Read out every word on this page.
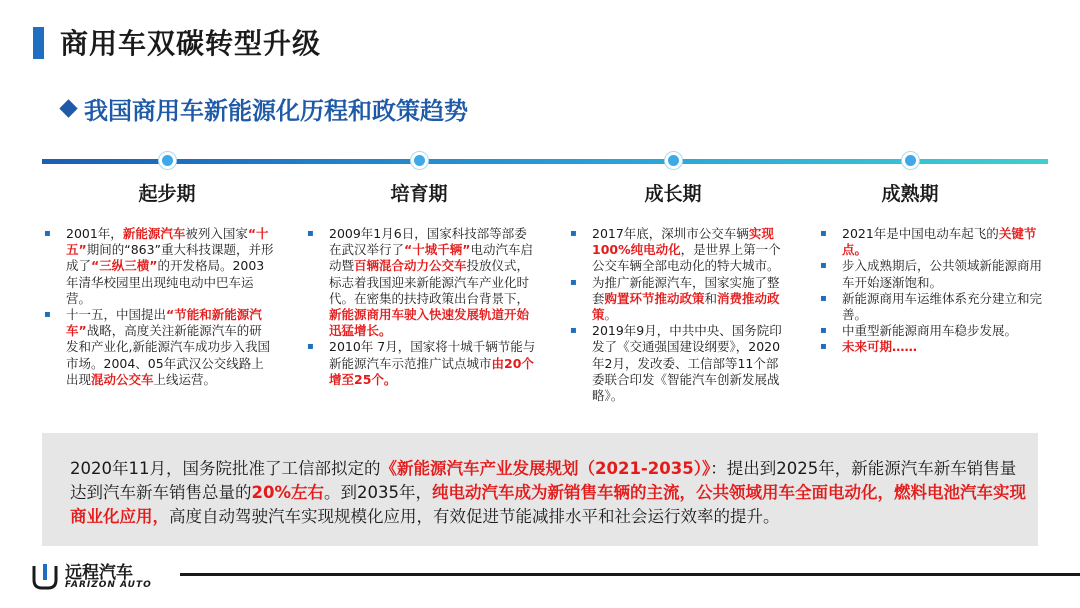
商用车双碳转型升级
我国商用车新能源化历程和政策趋势
起步期	培育期	成长期	成熟期
▪ 2001年，新能源汽车被列入国家“十五”期间的“863”重大科技课题，并形成了“三纵三横”的开发格局。2003年清华校园里出现纯电动中巴车运营。
▪ 十一五，中国提出“节能和新能源汽车”战略，高度关注新能源汽车的研发和产业化,新能源汽车成功步入我国市场。2004、05年武汉公交线路上出现混动公交车上线运营。
▪ 2009年1月6日，国家科技部等部委在武汉举行了“十城千辆”电动汽车启动暨百辆混合动力公交车投放仪式，标志着我国迎来新能源汽车产业化时代。在密集的扶持政策出台背景下，新能源商用车驶入快速发展轨道开始迅猛增长。
▪ 2010年 7月，国家将十城千辆节能与新能源汽车示范推广试点城市由20个增至25个。
▪ 2017年底，深圳市公交车辆实现100%纯电动化，是世界上第一个公交车辆全部电动化的特大城市。
▪ 为推广新能源汽车，国家实施了整套购置环节推动政策和消费推动政策。
▪ 2019年9月，中共中央、国务院印发了《交通强国建设纲要》，2020年2月，发改委、工信部等11个部委联合印发《智能汽车创新发展战略》。
▪ 2021年是中国电动车起飞的关键节点。
▪ 步入成熟期后，公共领域新能源商用车开始逐渐饱和。
▪ 新能源商用车运维体系充分建立和完善。
▪ 中重型新能源商用车稳步发展。
▪ 未来可期……
2020年11月，国务院批准了工信部拟定的《新能源汽车产业发展规划（2021-2035）》：提出到2025年，新能源汽车新车销售量达到汽车新车销售总量的20%左右。到2035年，纯电动汽车成为新销售车辆的主流，公共领域用车全面电动化，燃料电池汽车实现商业化应用，高度自动驾驶汽车实现规模化应用，有效促进节能减排水平和社会运行效率的提升。
远程汽车
FARIZON AUTO
